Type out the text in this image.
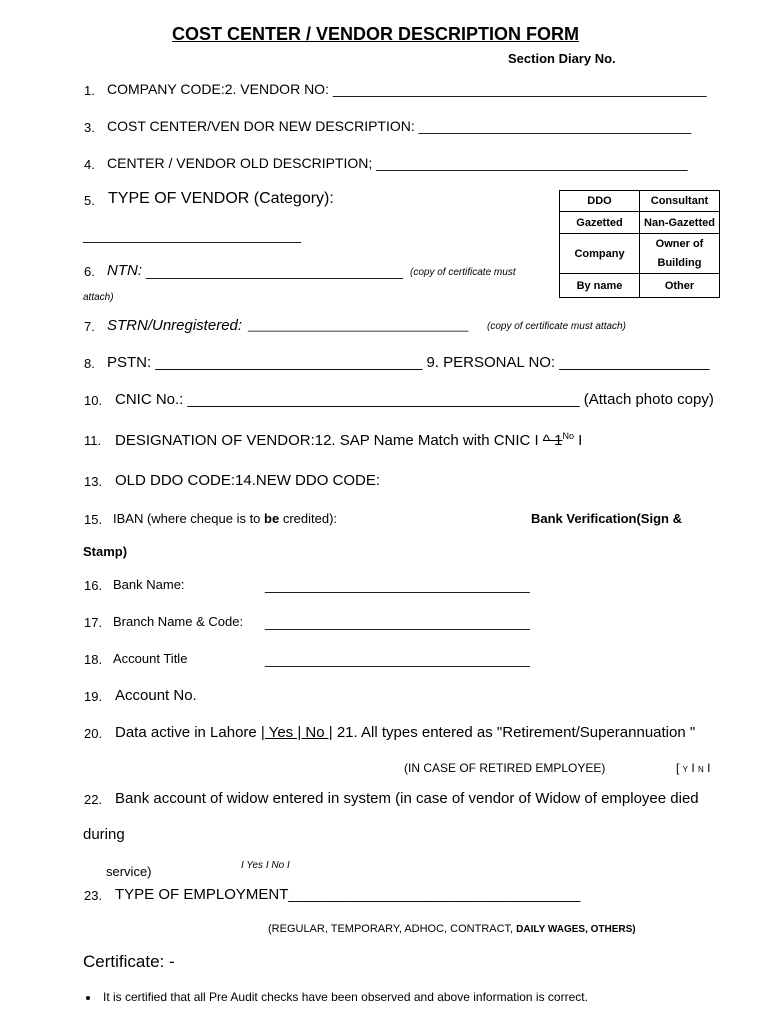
COST CENTER / VENDOR DESCRIPTION FORM
Section Diary No.
1. COMPANY CODE:2. VENDOR NO: ________________________________________________
3. COST CENTER/VEN DOR NEW DESCRIPTION: ___________________________________
4. CENTER / VENDOR OLD DESCRIPTION; ________________________________________
5. TYPE OF VENDOR (Category):
____________________________
DDO	Consultant
Gazetted	Nan-Gazetted
Company	Owner of Building
By name	Other
6. NTN: _________________________________ (copy of certificate must
attach)
7. STRN/Unregistered: _________________________________ (copy of certificate must attach)
8. PSTN: ________________________________ 9. PERSONAL NO: __________________
10. CNIC No.: _______________________________________________ (Attach photo copy)
11. DESIGNATION OF VENDOR:12. SAP Name Match with CNIC I ^ $1^{No}$ I
13. OLD DDO CODE:14.NEW DDO CODE:
15. IBAN (where cheque is to be credited):	Bank Verification(Sign &
Stamp)
16. Bank Name:	__________________________________
17. Branch Name & Code: __________________________________
18. Account Title	__________________________________
19. Account No.
20. Data active in Lahore | Yes | No | 21. All types entered as "Retirement/Superannuation "
(IN CASE OF RETIRED EMPLOYEE)	[ Y I N I
22. Bank account of widow entered in system (in case of vendor of Widow of employee died
during
service)	I Yes I No I
23. TYPE OF EMPLOYMENT___________________________________
(REGULAR, TEMPORARY, ADHOC, CONTRACT, DAILY WAGES, OTHERS)
Certificate: -
It is certified that all Pre Audit checks have been observed and above information is correct.
